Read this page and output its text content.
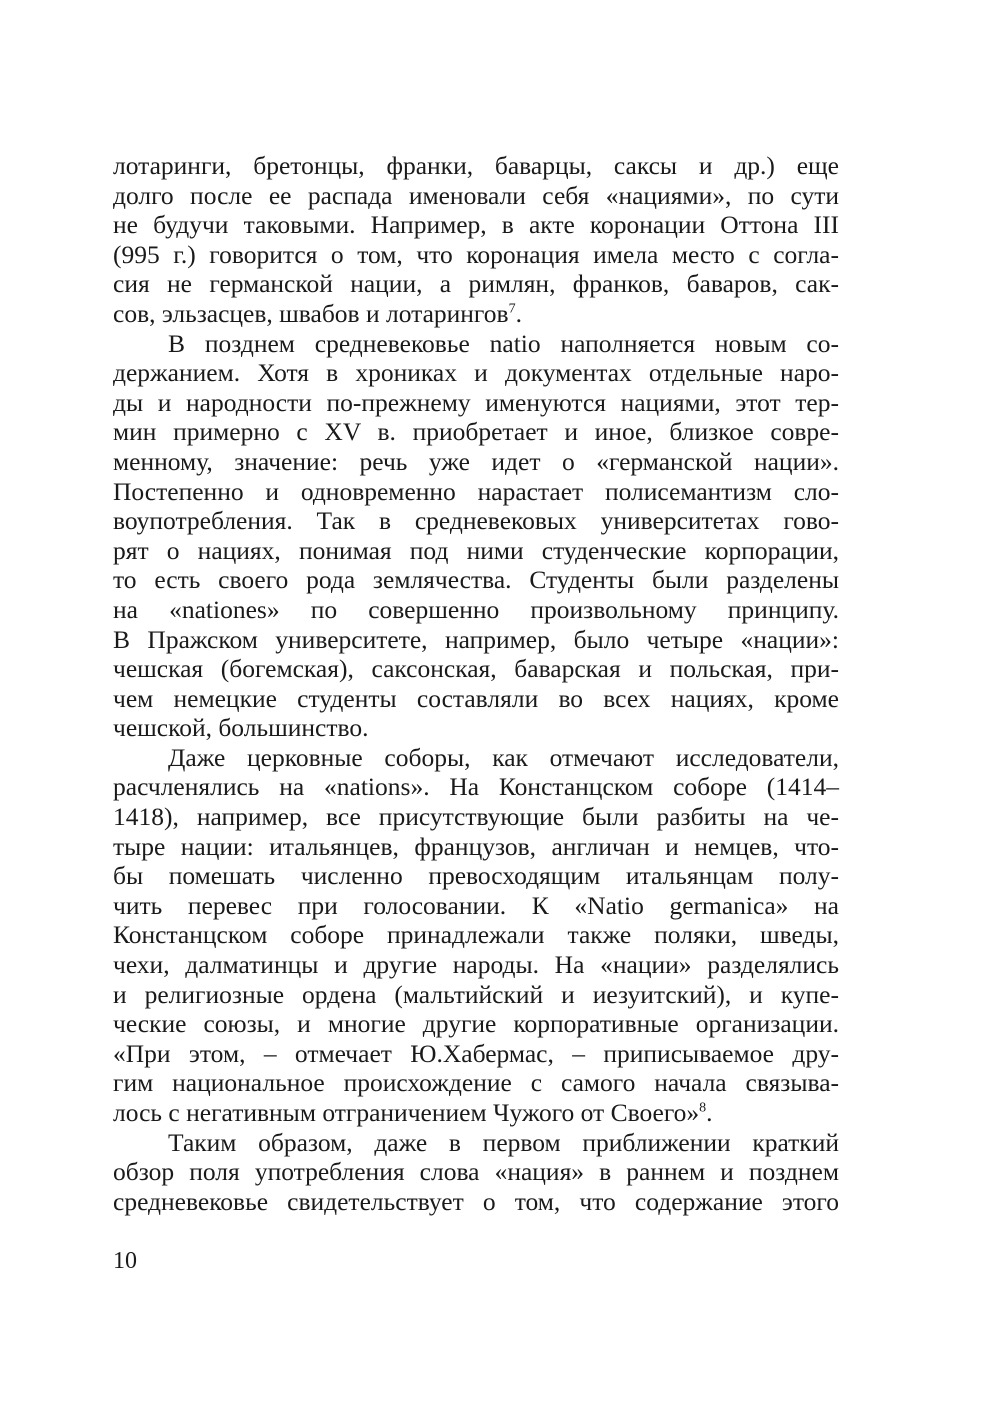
лотаринги, бретонцы, франки, баварцы, саксы и др.) еще
долго после ее распада именовали себя «нациями», по сути
не будучи таковыми. Например, в акте коронации Оттона III
(995 г.) говорится о том, что коронация имела место с согла-
сия не германской нации, а римлян, франков, баваров, сак-
сов, эльзасцев, швабов и лотарингов$^7$.
В позднем средневековье natio наполняется новым со-
держанием. Хотя в хрониках и документах отдельные наро-
ды и народности по-прежнему именуются нациями, этот тер-
мин примерно с XV в. приобретает и иное, близкое совре-
менному, значение: речь уже идет о «германской нации».
Постепенно и одновременно нарастает полисемантизм сло-
воупотребления. Так в средневековых университетах гово-
рят о нациях, понимая под ними студенческие корпорации,
то есть своего рода землячества. Студенты были разделены
на «nationes» по совершенно произвольному принципу.
В Пражском университете, например, было четыре «нации»:
чешская (богемская), саксонская, баварская и польская, при-
чем немецкие студенты составляли во всех нациях, кроме
чешской, большинство.
Даже церковные соборы, как отмечают исследователи,
расчленялись на «nations». На Констанцском соборе (1414–
1418), например, все присутствующие были разбиты на че-
тыре нации: итальянцев, французов, англичан и немцев, что-
бы помешать численно превосходящим итальянцам полу-
чить перевес при голосовании. К «Natio germanica» на
Констанцском соборе принадлежали также поляки, шведы,
чехи, далматинцы и другие народы. На «нации» разделялись
и религиозные ордена (мальтийский и иезуитский), и купе-
ческие союзы, и многие другие корпоративные организации.
«При этом, – отмечает Ю.Хабермас, – приписываемое дру-
гим национальное происхождение с самого начала связыва-
лось с негативным отграничением Чужого от Своего»$^8$.
Таким образом, даже в первом приближении краткий
обзор поля употребления слова «нация» в раннем и позднем
средневековье свидетельствует о том, что содержание этого
10
